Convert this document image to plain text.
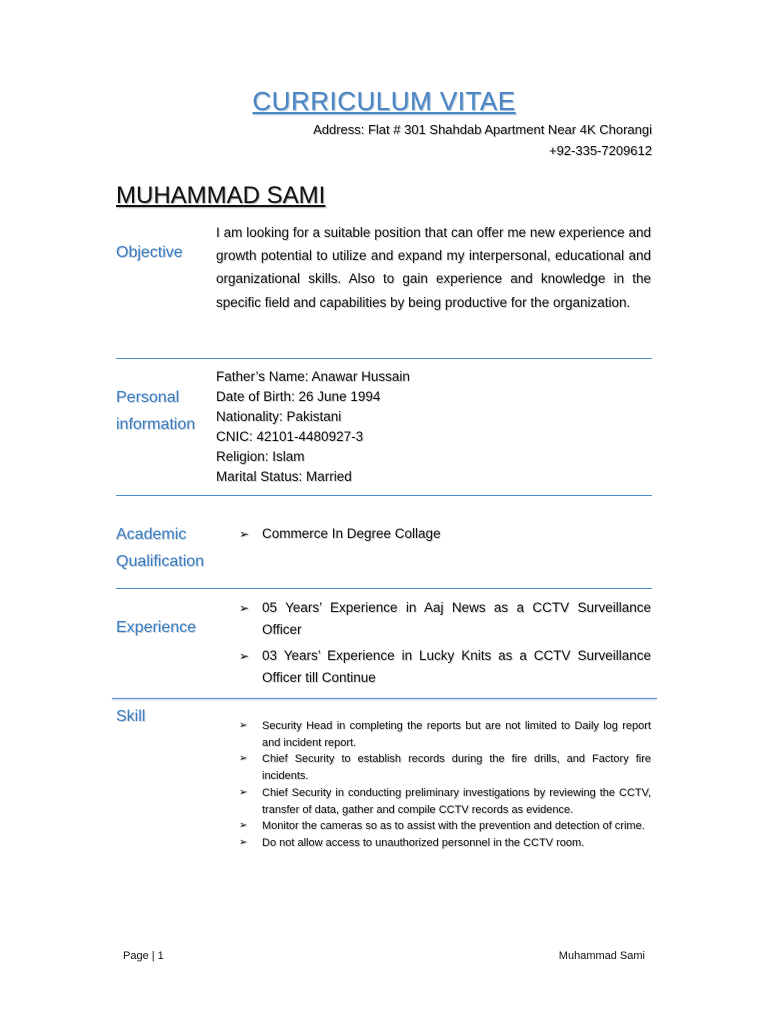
CURRICULUM VITAE
Address: Flat # 301 Shahdab Apartment Near 4K Chorangi
+92-335-7209612
MUHAMMAD SAMI
Objective
I am looking for a suitable position that can offer me new experience and growth potential to utilize and expand my interpersonal, educational and organizational skills. Also to gain experience and knowledge in the specific field and capabilities by being productive for the organization.
Personal
information
Father’s Name: Anawar Hussain
Date of Birth: 26 June 1994
Nationality: Pakistani
CNIC: 42101-4480927-3
Religion: Islam
Marital Status: Married
Academic
Qualification
➢ Commerce In Degree Collage
Experience
➢ 05 Years’ Experience in Aaj News as a CCTV Surveillance Officer
➢ 03 Years’ Experience in Lucky Knits as a CCTV Surveillance Officer till Continue
Skill
➢ Security Head in completing the reports but are not limited to Daily log report and incident report.
➢ Chief Security to establish records during the fire drills, and Factory fire incidents.
➢ Chief Security in conducting preliminary investigations by reviewing the CCTV, transfer of data, gather and compile CCTV records as evidence.
➢ Monitor the cameras so as to assist with the prevention and detection of crime.
➢ Do not allow access to unauthorized personnel in the CCTV room.
Page | 1	Muhammad Sami
